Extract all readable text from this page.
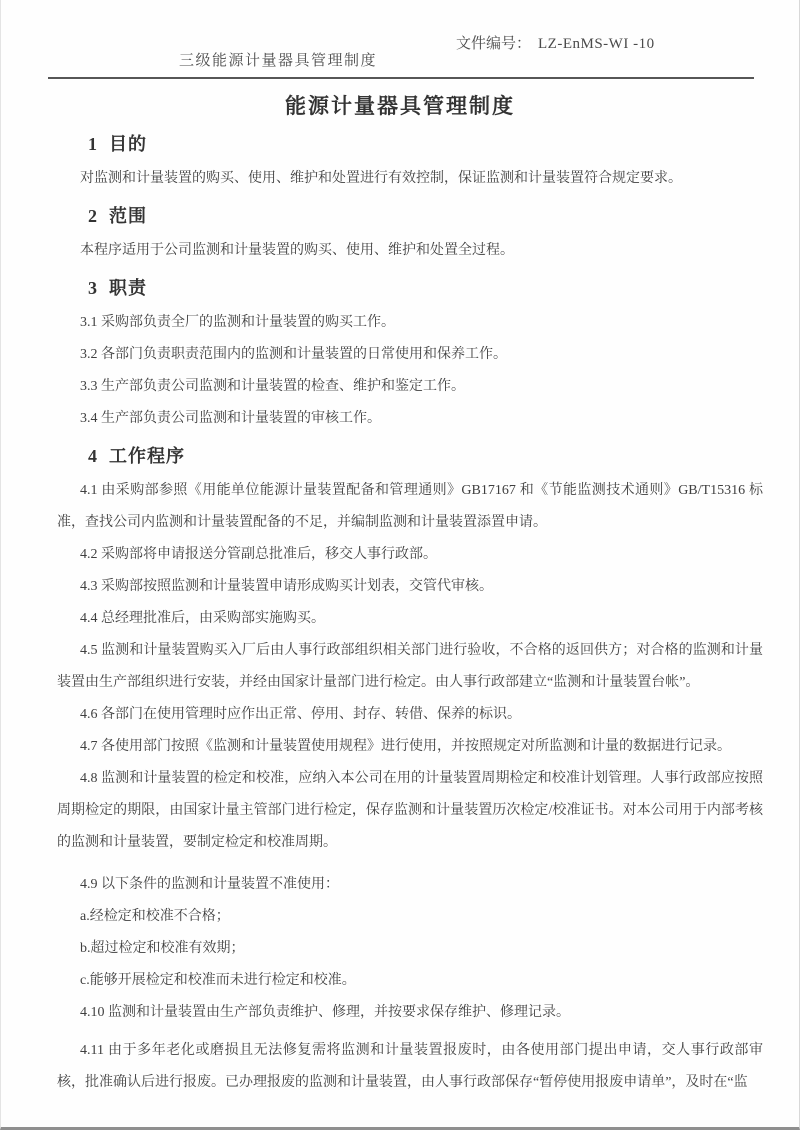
三级能源计量器具管理制度

文件编号： LZ-EnMS-WI -10

能源计量器具管理制度
1  目的

对监测和计量装置的购买、使用、维护和处置进行有效控制，保证监测和计量装置符合规定要求。

2  范围

本程序适用于公司监测和计量装置的购买、使用、维护和处置全过程。

3  职责

3.1 采购部负责全厂的监测和计量装置的购买工作。

3.2 各部门负责职责范围内的监测和计量装置的日常使用和保养工作。

3.3 生产部负责公司监测和计量装置的检查、维护和鉴定工作。

3.4 生产部负责公司监测和计量装置的审核工作。

4  工作程序

4.1 由采购部参照《用能单位能源计量装置配备和管理通则》GB17167 和《节能监测技术通则》GB/T15316 标准，查找公司内监测和计量装置配备的不足，并编制监测和计量装置添置申请。

4.2 采购部将申请报送分管副总批准后，移交人事行政部。

4.3 采购部按照监测和计量装置申请形成购买计划表，交管代审核。

4.4 总经理批准后，由采购部实施购买。

4.5 监测和计量装置购买入厂后由人事行政部组织相关部门进行验收，不合格的返回供方；对合格的监测和计量装置由生产部组织进行安装，并经由国家计量部门进行检定。由人事行政部建立“监测和计量装置台帐”。

4.6 各部门在使用管理时应作出正常、停用、封存、转借、保养的标识。

4.7 各使用部门按照《监测和计量装置使用规程》进行使用，并按照规定对所监测和计量的数据进行记录。

4.8 监测和计量装置的检定和校准，应纳入本公司在用的计量装置周期检定和校准计划管理。人事行政部应按照周期检定的期限，由国家计量主管部门进行检定，保存监测和计量装置历次检定/校准证书。对本公司用于内部考核的监测和计量装置，要制定检定和校准周期。

4.9 以下条件的监测和计量装置不准使用：

a.经检定和校准不合格；

b.超过检定和校准有效期；

c.能够开展检定和校准而未进行检定和校准。

4.10 监测和计量装置由生产部负责维护、修理，并按要求保存维护、修理记录。

4.11 由于多年老化或磨损且无法修复需将监测和计量装置报废时，由各使用部门提出申请，交人事行政部审核，批准确认后进行报废。已办理报废的监测和计量装置，由人事行政部保存“暂停使用报废申请单”，及时在“监
